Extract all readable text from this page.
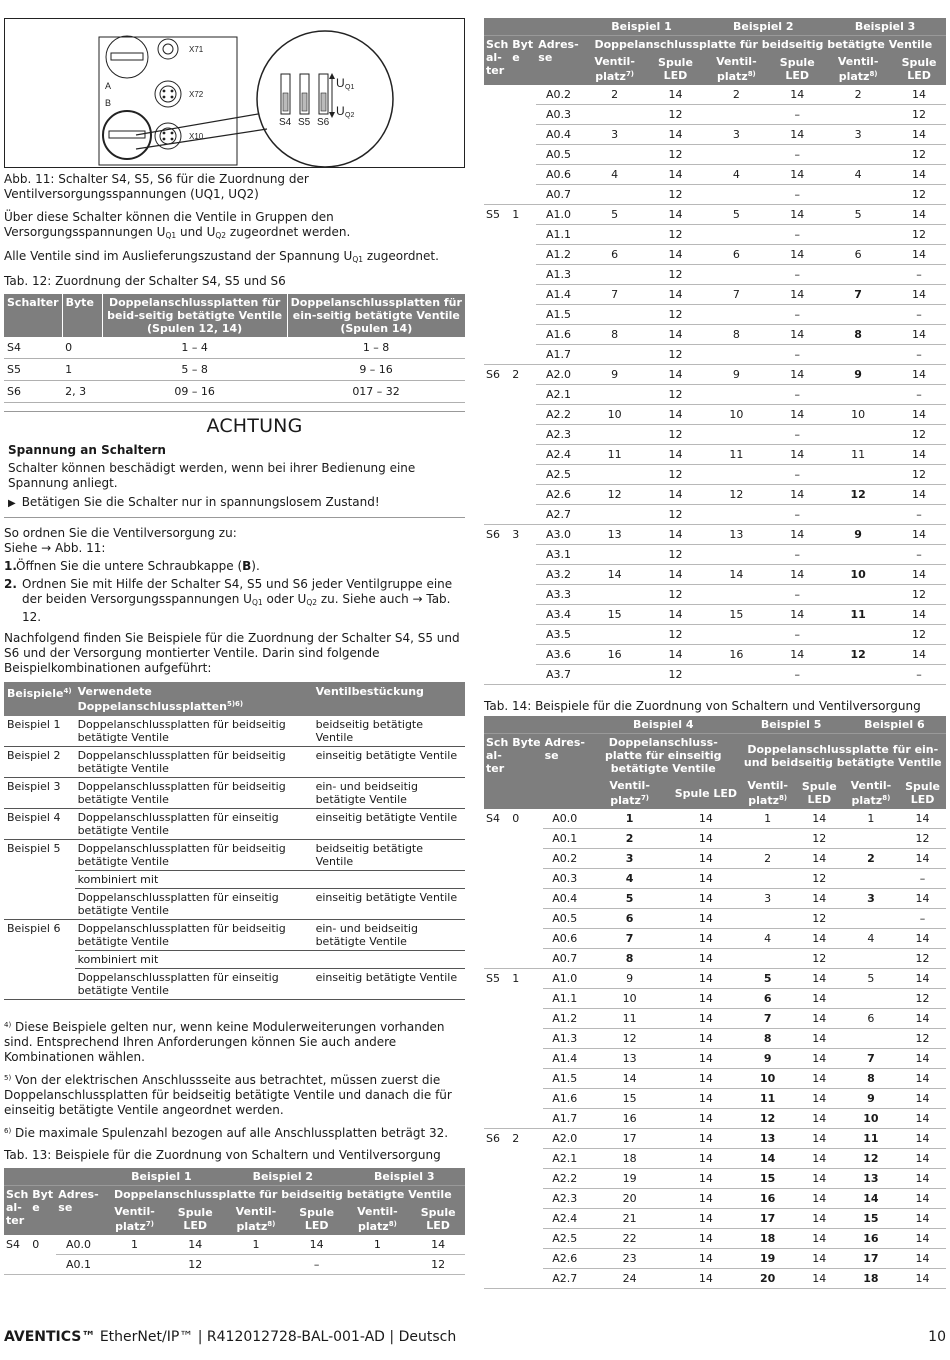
X71
X72
X10
A
B
S4 S5 S6
U Q1
U Q2
Abb. 11: Schalter S4, S5, S6 für die Zuordnung der Ventilversorgungsspannungen (UQ1, UQ2)

Über diese Schalter können die Ventile in Gruppen den Versorgungsspannungen $U_{Q1}$ und $U_{Q2}$ zugeordnet werden.

Alle Ventile sind im Auslieferungszustand der Spannung $U_{Q1}$ zugeordnet.

Tab. 12: Zuordnung der Schalter S4, S5 und S6
Schalter	Byte	Doppelanschlussplatten für beid-seitig betätigte Ventile (Spulen 12, 14)	Doppelanschlussplatten für ein-seitig betätigte Ventile (Spulen 14)
S4	0	1 – 4	1 – 8
S5	1	5 – 8	9 – 16
S6	2, 3	09 – 16	017 – 32
ACHTUNG
Spannung an Schaltern
Schalter können beschädigt werden, wenn bei ihrer Bedienung eine Spannung anliegt.
▶ Betätigen Sie die Schalter nur in spannungslosem Zustand!

So ordnen Sie die Ventilversorgung zu:

Siehe → Abb. 11:

1. Öffnen Sie die untere Schraubkappe (B).
2. Ordnen Sie mit Hilfe der Schalter S4, S5 und S6 jeder Ventilgruppe eine der beiden Versorgungsspannungen $U_{Q1}$ oder $U_{Q2}$ zu. Siehe auch → Tab. 12.

Nachfolgend finden Sie Beispiele für die Zuordnung der Schalter S4, S5 und S6 und der Versorgung montierter Ventile. Darin sind folgende Beispielkombinationen aufgeführt:

Beispiele$^{4)}$	Verwendete Doppelanschlussplatten$^{5)6)}$	Ventilbestückung
Beispiel 1	Doppelanschlussplatten für beidseitig betätigte Ventile	beidseitig betätigte Ventile
Beispiel 2	Doppelanschlussplatten für beidseitig betätigte Ventile	einseitig betätigte Ventile
Beispiel 3	Doppelanschlussplatten für beidseitig betätigte Ventile	ein- und beidseitig betätigte Ventile
Beispiel 4	Doppelanschlussplatten für einseitig betätigte Ventile	einseitig betätigte Ventile
Beispiel 5	Doppelanschlussplatten für beidseitig betätigte Ventile	beidseitig betätigte Ventile
	kombiniert mit	
	Doppelanschlussplatten für einseitig betätigte Ventile	einseitig betätigte Ventile
Beispiel 6	Doppelanschlussplatten für beidseitig betätigte Ventile	ein- und beidseitig betätigte Ventile
	kombiniert mit	
	Doppelanschlussplatten für einseitig betätigte Ventile	einseitig betätigte Ventile

$^{4)}$ Diese Beispiele gelten nur, wenn keine Modulerweiterungen vorhanden sind. Entsprechend Ihren Anforderungen können Sie auch andere Kombinationen wählen.

$^{5)}$ Von der elektrischen Anschlussseite aus betrachtet, müssen zuerst die Doppelanschlussplatten für beidseitig betätigte Ventile und danach die für einseitig betätigte Ventile angeordnet werden.

$^{6)}$ Die maximale Spulenzahl bezogen auf alle Anschlussplatten beträgt 32.

Tab. 13: Beispiele für die Zuordnung von Schaltern und Ventilversorgung
			Beispiel 1		Beispiel 2		Beispiel 3	
Sch al- ter	Byt e	Adres- se	Doppelanschlussplatte für beidseitig betätigte Ventile					
			Ventil- platz$^{7)}$	Spule LED	Ventil- platz$^{8)}$	Spule LED	Ventil- platz$^{8)}$	Spule LED
S4	0	A0.0	1	14	1	14	1	14
		A0.1		12		–		12
			Beispiel 1		Beispiel 2		Beispiel 3	
Sch al- ter	Byt e	Adres- se	Doppelanschlussplatte für beidseitig betätigte Ventile					
			Ventil- platz$^{7)}$	Spule LED	Ventil- platz$^{8)}$	Spule LED	Ventil- platz$^{8)}$	Spule LED
		A0.2	2	14	2	14	2	14
		A0.3		12		–		12
		A0.4	3	14	3	14	3	14
		A0.5		12		–		12
		A0.6	4	14	4	14	4	14
		A0.7		12		–		12
S5	1	A1.0	5	14	5	14	5	14
		A1.1		12		–		12
		A1.2	6	14	6	14	6	14
		A1.3		12		–		–
		A1.4	7	14	7	14	7	14
		A1.5		12		–		–
		A1.6	8	14	8	14	8	14
		A1.7		12		–		–
S6	2	A2.0	9	14	9	14	9	14
		A2.1		12		–		–
		A2.2	10	14	10	14	10	14
		A2.3		12		–		12
		A2.4	11	14	11	14	11	14
		A2.5		12		–		12
		A2.6	12	14	12	14	12	14
		A2.7		12		–		–
S6	3	A3.0	13	14	13	14	9	14
		A3.1		12		–		–
		A3.2	14	14	14	14	10	14
		A3.3		12		–		12
		A3.4	15	14	15	14	11	14
		A3.5		12		–		12
		A3.6	16	14	16	14	12	14
		A3.7		12		–		–
Tab. 14: Beispiele für die Zuordnung von Schaltern und Ventilversorgung
			Beispiel 4		Beispiel 5		Beispiel 6	
Sch al- ter	Byte	Adres- se	Doppelanschluss- platte für einseitig betätigte Ventile		Doppelanschlussplatte für ein- und beidseitig betätigte Ventile			
			Ventil- platz$^{7)}$	Spule LED	Ventil- platz$^{8)}$	Spule LED	Ventil- platz$^{8)}$	Spule LED
S4	0	A0.0	1	14	1	14	1	14
		A0.1	2	14		12		12
		A0.2	3	14	2	14	2	14
		A0.3	4	14		12		–
		A0.4	5	14	3	14	3	14
		A0.5	6	14		12		–
		A0.6	7	14	4	14	4	14
		A0.7	8	14		12		12
S5	1	A1.0	9	14	5	14	5	14
		A1.1	10	14	6	14		12
		A1.2	11	14	7	14	6	14
		A1.3	12	14	8	14		12
		A1.4	13	14	9	14	7	14
		A1.5	14	14	10	14	8	14
		A1.6	15	14	11	14	9	14
		A1.7	16	14	12	14	10	14
S6	2	A2.0	17	14	13	14	11	14
		A2.1	18	14	14	14	12	14
		A2.2	19	14	15	14	13	14
		A2.3	20	14	16	14	14	14
		A2.4	21	14	17	14	15	14
		A2.5	22	14	18	14	16	14
		A2.6	23	14	19	14	17	14
		A2.7	24	14	20	14	18	14
AVENTICS™ EtherNet/IP™ | R412012728-BAL-001-AD | Deutsch	10
